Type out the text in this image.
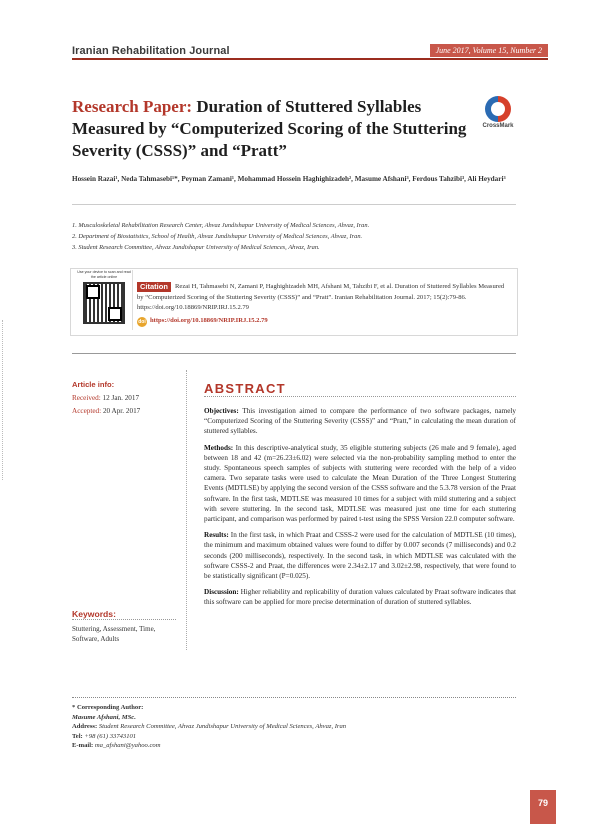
Iranian Rehabilitation Journal	June 2017, Volume 15, Number 2
Research Paper: Duration of Stuttered Syllables Measured by “Computerized Scoring of the Stuttering Severity (CSSS)” and “Pratt”
CrossMark
Hossein Razai¹, Neda Tahmasebi¹*, Peyman Zamani¹, Mohammad Hossein Haghighizadeh², Masume Afshani³, Ferdous Tahzibi³, Ali Heydari³
1. Musculoskeletal Rehabilitation Research Center, Ahvaz Jundishapur University of Medical Sciences, Ahvaz, Iran.
2. Department of Biostatistics, School of Health, Ahvaz Jundishapur University of Medical Sciences, Ahvaz, Iran.
3. Student Research Committee, Ahvaz Jundishapur University of Medical Sciences, Ahvaz, Iran.
Use your device to scan and read the article online
Rezai H, Tahmasebi N, Zamani P, Haghighizadeh MH, Afshani M, Tahzibi F, et al. Duration of Stuttered Syllables Measured by “Computerized Scoring of the Stuttering Severity (CSSS)” and “Pratt”. Iranian Rehabilitation Journal. 2017; 15(2):79-86. https://doi.org/10.18869/NRIP.IRJ.15.2.79
Citation
doi https://doi.org/10.18869/NRIP.IRJ.15.2.79
Article info:
Received: 12 Jan. 2017
Accepted: 20 Apr. 2017
Keywords:
Stuttering, Assessment, Time, Software, Adults
ABSTRACT

Objectives: This investigation aimed to compare the performance of two software packages, namely “Computerized Scoring of the Stuttering Severity (CSSS)” and “Pratt,” in calculating the mean duration of stuttered syllables.

Methods: In this descriptive-analytical study, 35 eligible stuttering subjects (26 male and 9 female), aged between 18 and 42 (m=26.23±6.02) were selected via the non-probability sampling method to enter the study. Spontaneous speech samples of subjects with stuttering were recorded with the help of a video camera. Two separate tasks were used to calculate the Mean Duration of the Three Longest Stuttering Events (MDTLSE) by applying the second version of the CSSS software and the 5.3.78 version of the Praat software. In the first task, MDTLSE was measured 10 times for a subject with mild stuttering and a subject with severe stuttering. In the second task, MDTLSE was measured just one time for each stuttering participant, and comparison was performed by paired t-test using the SPSS Version 22.0 computer software.

Results: In the first task, in which Praat and CSSS-2 were used for the calculation of MDTLSE (10 times), the minimum and maximum obtained values were found to differ by 0.007 seconds (7 milliseconds) and 0.2 seconds (200 milliseconds), respectively. In the second task, in which MDTLSE was calculated with the software CSSS-2 and Praat, the differences were 2.34±2.17 and 3.02±2.98, respectively, that were found to be statistically significant (P=0.025).

Discussion: Higher reliability and replicability of duration values calculated by Praat software indicates that this software can be applied for more precise determination of duration of stuttered syllables.

* Corresponding Author:
Masume Afshani, MSc.
Address: Student Research Committee, Ahvaz Jundishapur University of Medical Sciences, Ahvaz, Iran
Tel: +98 (61) 33743101
E-mail: ma_afshani@yahoo.com
79
